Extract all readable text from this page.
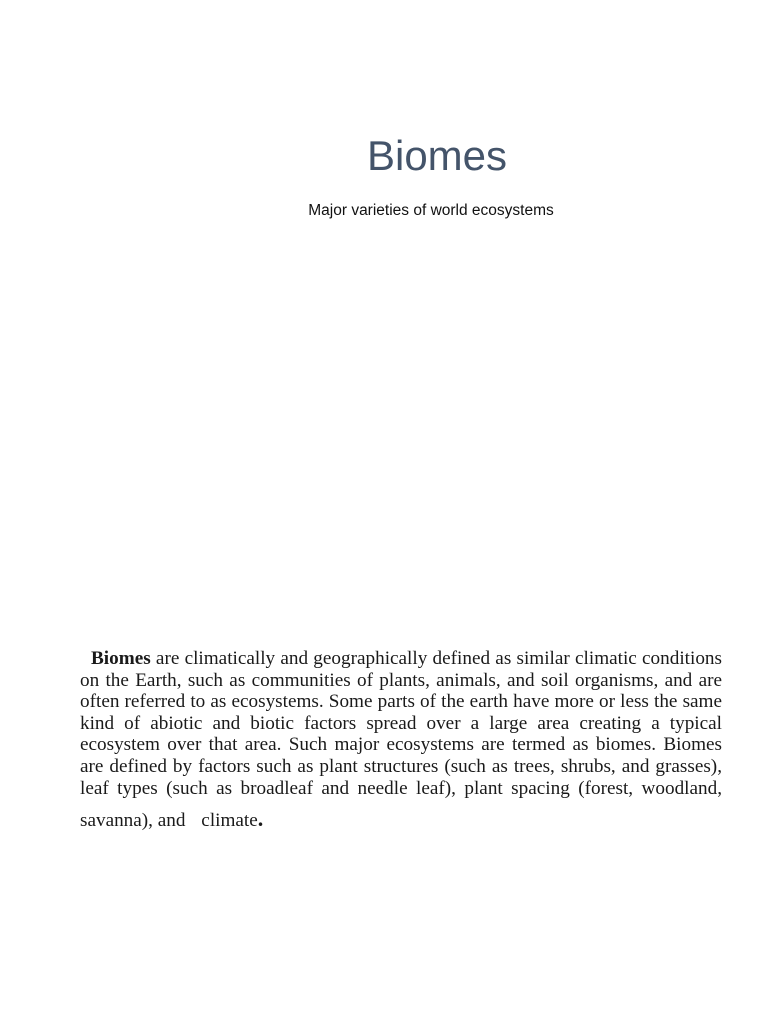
Biomes

Major varieties of world ecosystems

Biomes are climatically and geographically defined as similar climatic conditions on the Earth, such as communities of plants, animals, and soil organisms, and are often referred to as ecosystems. Some parts of the earth have more or less the same kind of abiotic and biotic factors spread over a large area creating a typical ecosystem over that area. Such major ecosystems are termed as biomes. Biomes are defined by factors such as plant structures (such as trees, shrubs, and grasses), leaf types (such as broadleaf and needle leaf), plant spacing (forest, woodland, savanna), and climate.
